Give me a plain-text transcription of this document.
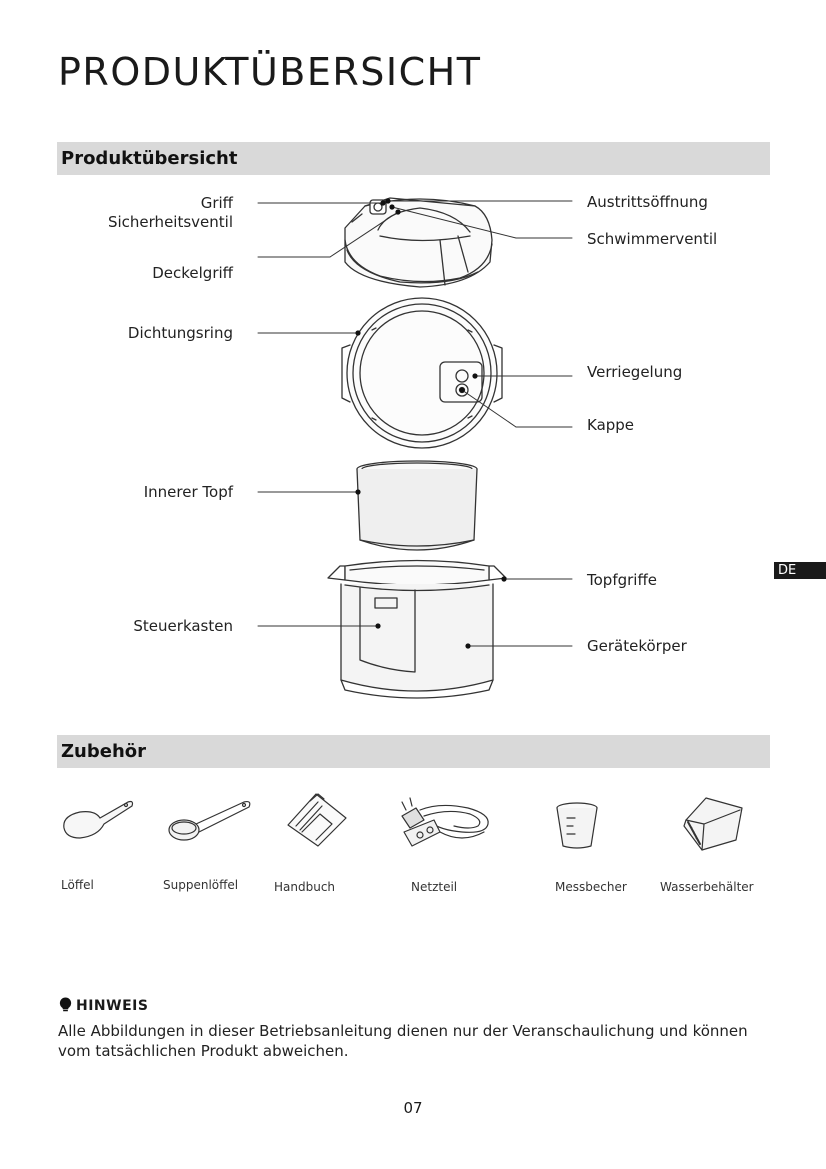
PRODUKTÜBERSICHT
Produktübersicht
Griff
Sicherheitsventil
Deckelgriff
Dichtungsring
Innerer Topf
Steuerkasten
Austrittsöffnung
Schwimmerventil
Verriegelung
Kappe
Topfgriffe
Gerätekörper
DE
Zubehör
Löffel	Suppenlöffel	Handbuch	Netzteil	Messbecher	Wasserbehälter
HINWEIS
Alle Abbildungen in dieser Betriebsanleitung dienen nur der Veranschaulichung und können vom tatsächlichen Produkt abweichen.
07
